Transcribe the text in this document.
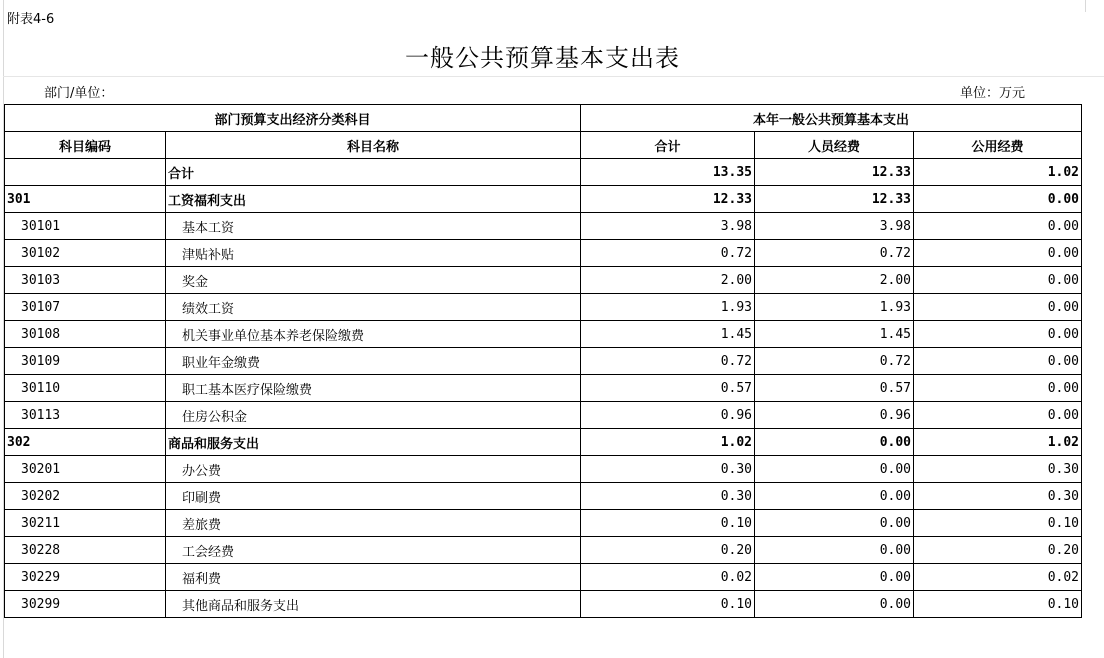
附表4-6
一般公共预算基本支出表
部门/单位：	单位：万元
部门预算支出经济分类科目		本年一般公共预算基本支出		
科目编码	科目名称	合计	人员经费	公用经费
	合计	13.35	12.33	1.02
301	工资福利支出	12.33	12.33	0.00
30101	基本工资	3.98	3.98	0.00
30102	津贴补贴	0.72	0.72	0.00
30103	奖金	2.00	2.00	0.00
30107	绩效工资	1.93	1.93	0.00
30108	机关事业单位基本养老保险缴费	1.45	1.45	0.00
30109	职业年金缴费	0.72	0.72	0.00
30110	职工基本医疗保险缴费	0.57	0.57	0.00
30113	住房公积金	0.96	0.96	0.00
302	商品和服务支出	1.02	0.00	1.02
30201	办公费	0.30	0.00	0.30
30202	印刷费	0.30	0.00	0.30
30211	差旅费	0.10	0.00	0.10
30228	工会经费	0.20	0.00	0.20
30229	福利费	0.02	0.00	0.02
30299	其他商品和服务支出	0.10	0.00	0.10
